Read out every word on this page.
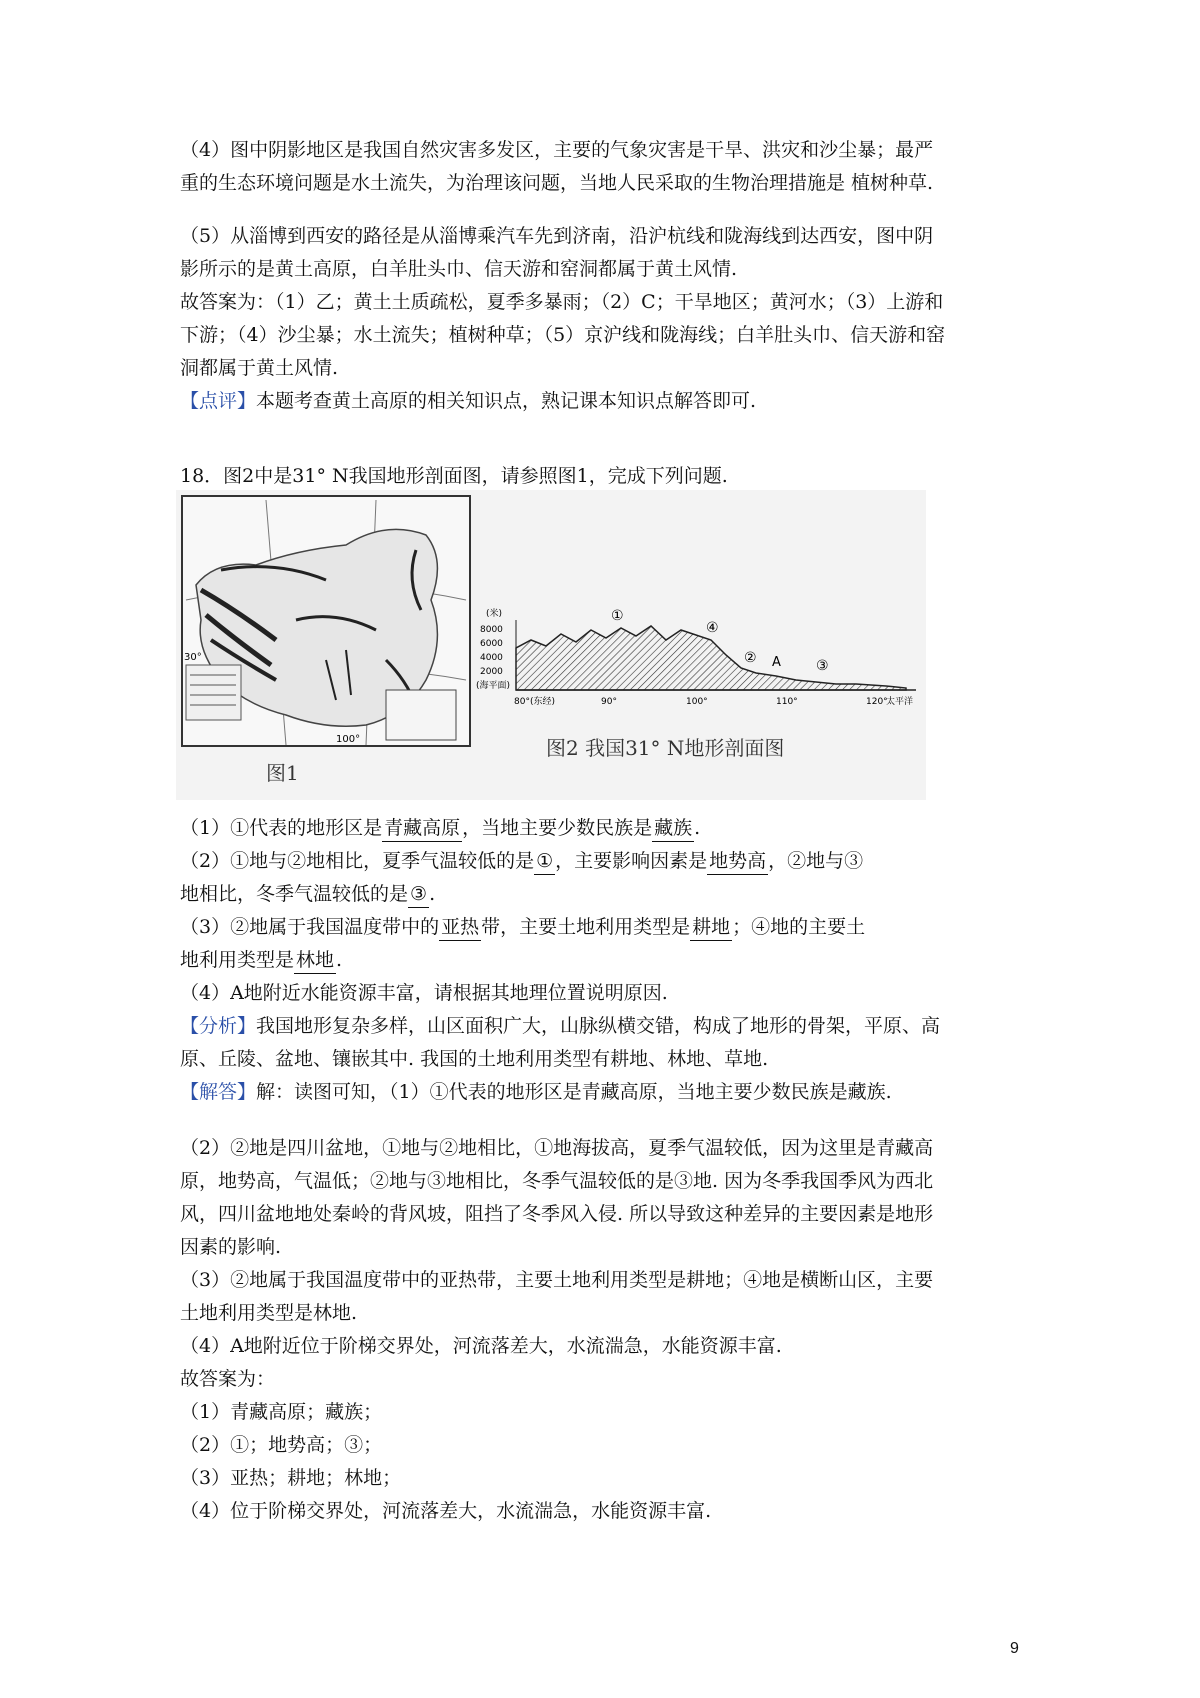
（4）图中阴影地区是我国自然灾害多发区，主要的气象灾害是干旱、洪灾和沙尘暴；最严
重的生态环境问题是水土流失，为治理该问题，当地人民采取的生物治理措施是 植树种草.
（5）从淄博到西安的路径是从淄博乘汽车先到济南，沿沪杭线和陇海线到达西安，图中阴
影所示的是黄土高原，白羊肚头巾、信天游和窑洞都属于黄土风情.
故答案为：（1）乙；黄土土质疏松，夏季多暴雨；（2）C；干旱地区；黄河水；（3）上游和
下游；（4）沙尘暴；水土流失；植树种草；（5）京沪线和陇海线；白羊肚头巾、信天游和窑
洞都属于黄土风情.
【点评】本题考查黄土高原的相关知识点，熟记课本知识点解答即可.
18．图2中是31° N我国地形剖面图，请参照图1，完成下列问题.
100°
30°
图1
(米)
8000
6000
4000
2000
(海平面)
①
④
② A	③
80°(东经)	90°	100°	110°	120°
太平洋
图2 我国31° N地形剖面图
（1）①代表的地形区是青藏高原，当地主要少数民族是藏族.
（2）①地与②地相比，夏季气温较低的是①，主要影响因素是地势高，②地与③
地相比，冬季气温较低的是③.
（3）②地属于我国温度带中的亚热带，主要土地利用类型是耕地；④地的主要土
地利用类型是林地.
（4）A地附近水能资源丰富，请根据其地理位置说明原因.
【分析】我国地形复杂多样，山区面积广大，山脉纵横交错，构成了地形的骨架，平原、高
原、丘陵、盆地、镶嵌其中. 我国的土地利用类型有耕地、林地、草地.
【解答】解：读图可知，（1）①代表的地形区是青藏高原，当地主要少数民族是藏族.
（2）②地是四川盆地，①地与②地相比，①地海拔高，夏季气温较低，因为这里是青藏高
原，地势高，气温低；②地与③地相比，冬季气温较低的是③地. 因为冬季我国季风为西北
风，四川盆地地处秦岭的背风坡，阻挡了冬季风入侵. 所以导致这种差异的主要因素是地形
因素的影响.
（3）②地属于我国温度带中的亚热带，主要土地利用类型是耕地；④地是横断山区，主要
土地利用类型是林地.
（4）A地附近位于阶梯交界处，河流落差大，水流湍急，水能资源丰富.
故答案为：
（1）青藏高原；藏族；
（2）①；地势高；③；
（3）亚热；耕地；林地；
（4）位于阶梯交界处，河流落差大，水流湍急，水能资源丰富.
9
